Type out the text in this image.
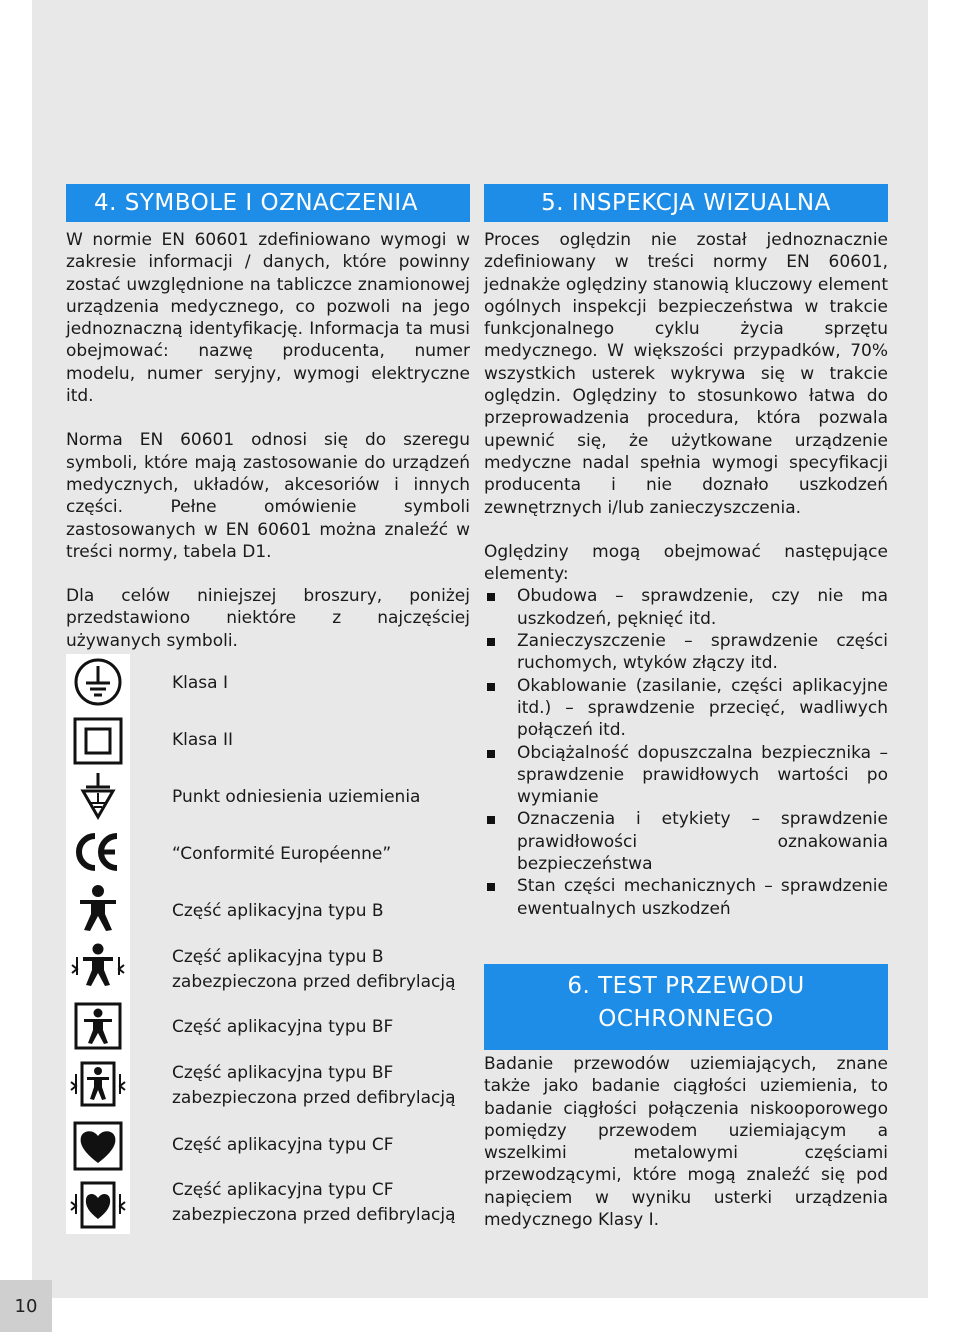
4. SYMBOLE I OZNACZENIA	5. INSPEKCJA WIZUALNA

W normie EN 60601 zdefiniowano wymogi w zakresie informacji / danych, które powinny zostać uwzględnione na tabliczce znamionowej urządzenia medycznego, co pozwoli na jego jednoznaczną identyfikację. Informacja ta musi obejmować: nazwę producenta, numer modelu, numer seryjny, wymogi elektryczne itd.

Norma EN 60601 odnosi się do szeregu symboli, które mają zastosowanie do urządzeń medycznych, układów, akcesoriów i innych części. Pełne omówienie symboli zastosowanych w EN 60601 można znaleźć w treści normy, tabela D1.

Dla celów niniejszej broszury, poniżej przedstawiono niektóre z najczęściej używanych symboli.

Klasa I
Klasa II
Punkt odniesienia uziemienia
“Conformité Européenne”
Część aplikacyjna typu B
Część aplikacyjna typu B
zabezpieczona przed defibrylacją
Część aplikacyjna typu BF
Część aplikacyjna typu BF
zabezpieczona przed defibrylacją
Część aplikacyjna typu CF
Część aplikacyjna typu CF
zabezpieczona przed defibrylacją

Proces oględzin nie został jednoznacznie zdefiniowany w treści normy EN 60601, jednakże oględziny stanowią kluczowy element ogólnych inspekcji bezpieczeństwa w trakcie funkcjonalnego cyklu życia sprzętu medycznego. W większości przypadków, 70% wszystkich usterek wykrywa się w trakcie oględzin. Oględziny to stosunkowo łatwa do przeprowadzenia procedura, która pozwala upewnić się, że użytkowane urządzenie medyczne nadal spełnia wymogi specyfikacji producenta i nie doznało uszkodzeń zewnętrznych i/lub zanieczyszczenia.

Oględziny mogą obejmować następujące elementy:

Obudowa – sprawdzenie, czy nie ma uszkodzeń, pęknięć itd.
Zanieczyszczenie – sprawdzenie części ruchomych, wtyków złączy itd.
Okablowanie (zasilanie, części aplikacyjne itd.) – sprawdzenie przecięć, wadliwych połączeń itd.
Obciążalność dopuszczalna bezpiecznika – sprawdzenie prawidłowych wartości po wymianie
Oznaczenia i etykiety – sprawdzenie prawidłowości oznakowania bezpieczeństwa
Stan części mechanicznych – sprawdzenie ewentualnych uszkodzeń
6. TEST PRZEWODU
OCHRONNEGO
Badanie przewodów uziemiających, znane także jako badanie ciągłości uziemienia, to badanie ciągłości połączenia niskooporowego pomiędzy przewodem uziemiającym a wszelkimi metalowymi częściami przewodzącymi, które mogą znaleźć się pod napięciem w wyniku usterki urządzenia medycznego Klasy I.
10
